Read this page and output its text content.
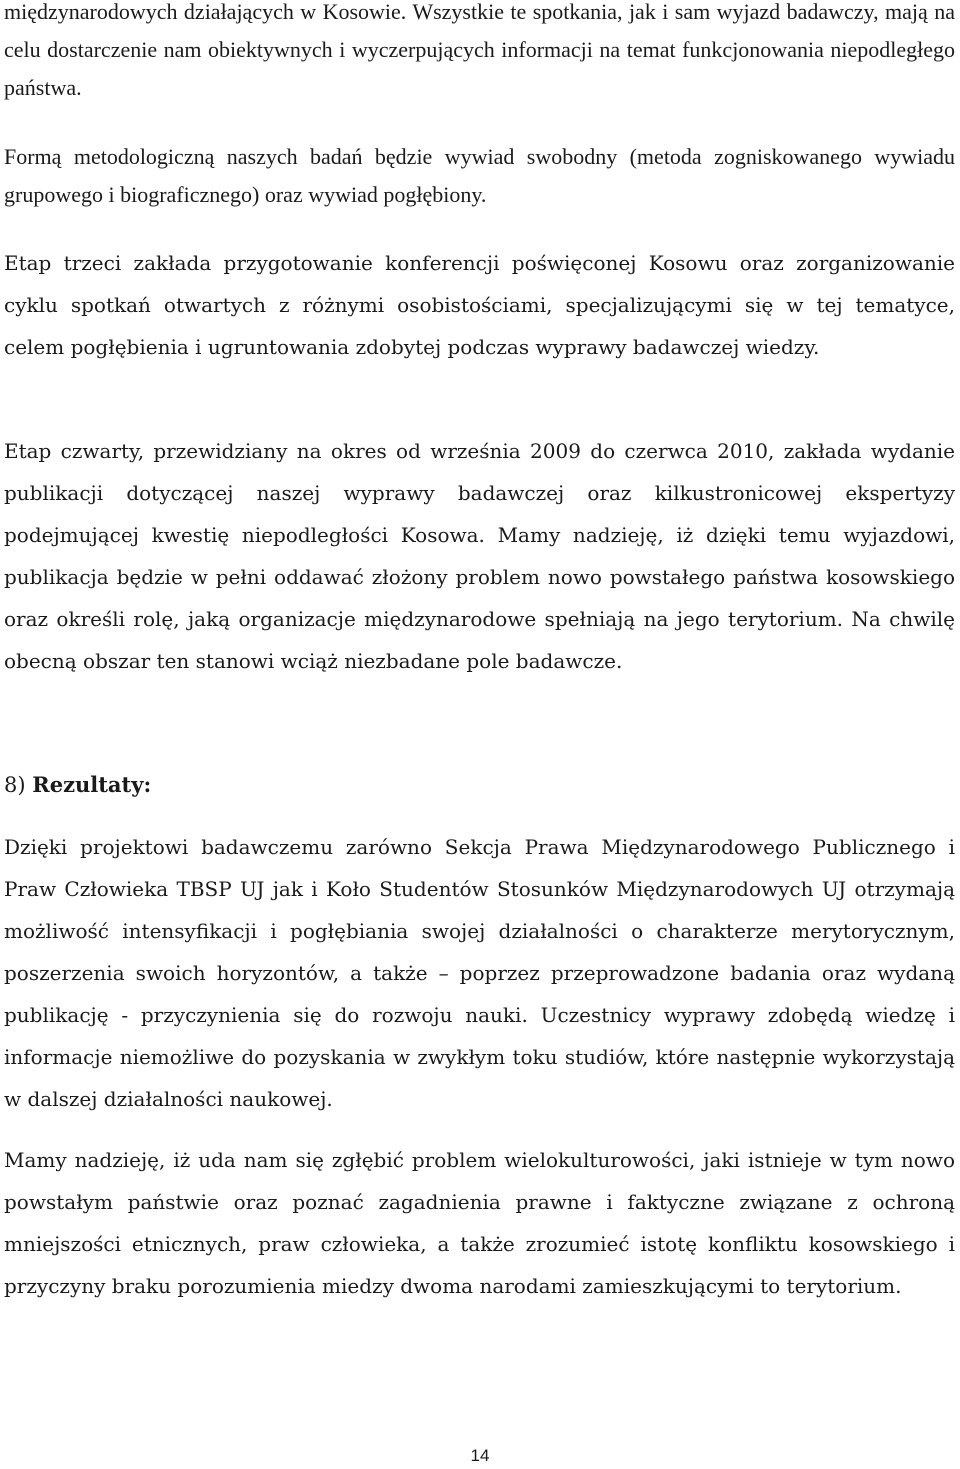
międzynarodowych działających w Kosowie. Wszystkie te spotkania, jak i sam wyjazd badawczy, mają na celu dostarczenie nam obiektywnych i wyczerpujących informacji na temat funkcjonowania niepodległego państwa.

Formą metodologiczną naszych badań będzie wywiad swobodny (metoda zogniskowanego wywiadu grupowego i biograficznego) oraz wywiad pogłębiony.

Etap trzeci zakłada przygotowanie konferencji poświęconej Kosowu oraz zorganizowanie cyklu spotkań otwartych z różnymi osobistościami, specjalizującymi się w tej tematyce, celem pogłębienia i ugruntowania zdobytej podczas wyprawy badawczej wiedzy.

Etap czwarty, przewidziany na okres od września 2009 do czerwca 2010, zakłada wydanie publikacji dotyczącej naszej wyprawy badawczej oraz kilkustronicowej ekspertyzy podejmującej kwestię niepodległości Kosowa. Mamy nadzieję, iż dzięki temu wyjazdowi, publikacja będzie w pełni oddawać złożony problem nowo powstałego państwa kosowskiego oraz określi rolę, jaką organizacje międzynarodowe spełniają na jego terytorium. Na chwilę obecną obszar ten stanowi wciąż niezbadane pole badawcze.

8) Rezultaty:

Dzięki projektowi badawczemu zarówno Sekcja Prawa Międzynarodowego Publicznego i Praw Człowieka TBSP UJ jak i Koło Studentów Stosunków Międzynarodowych UJ otrzymają możliwość intensyfikacji i pogłębiania swojej działalności o charakterze merytorycznym, poszerzenia swoich horyzontów, a także – poprzez przeprowadzone badania oraz wydaną publikację - przyczynienia się do rozwoju nauki. Uczestnicy wyprawy zdobędą wiedzę i informacje niemożliwe do pozyskania w zwykłym toku studiów, które następnie wykorzystają w dalszej działalności naukowej.

Mamy nadzieję, iż uda nam się zgłębić problem wielokulturowości, jaki istnieje w tym nowo powstałym państwie oraz poznać zagadnienia prawne i faktyczne związane z ochroną mniejszości etnicznych, praw człowieka, a także zrozumieć istotę konfliktu kosowskiego i przyczyny braku porozumienia miedzy dwoma narodami zamieszkującymi to terytorium.

14
